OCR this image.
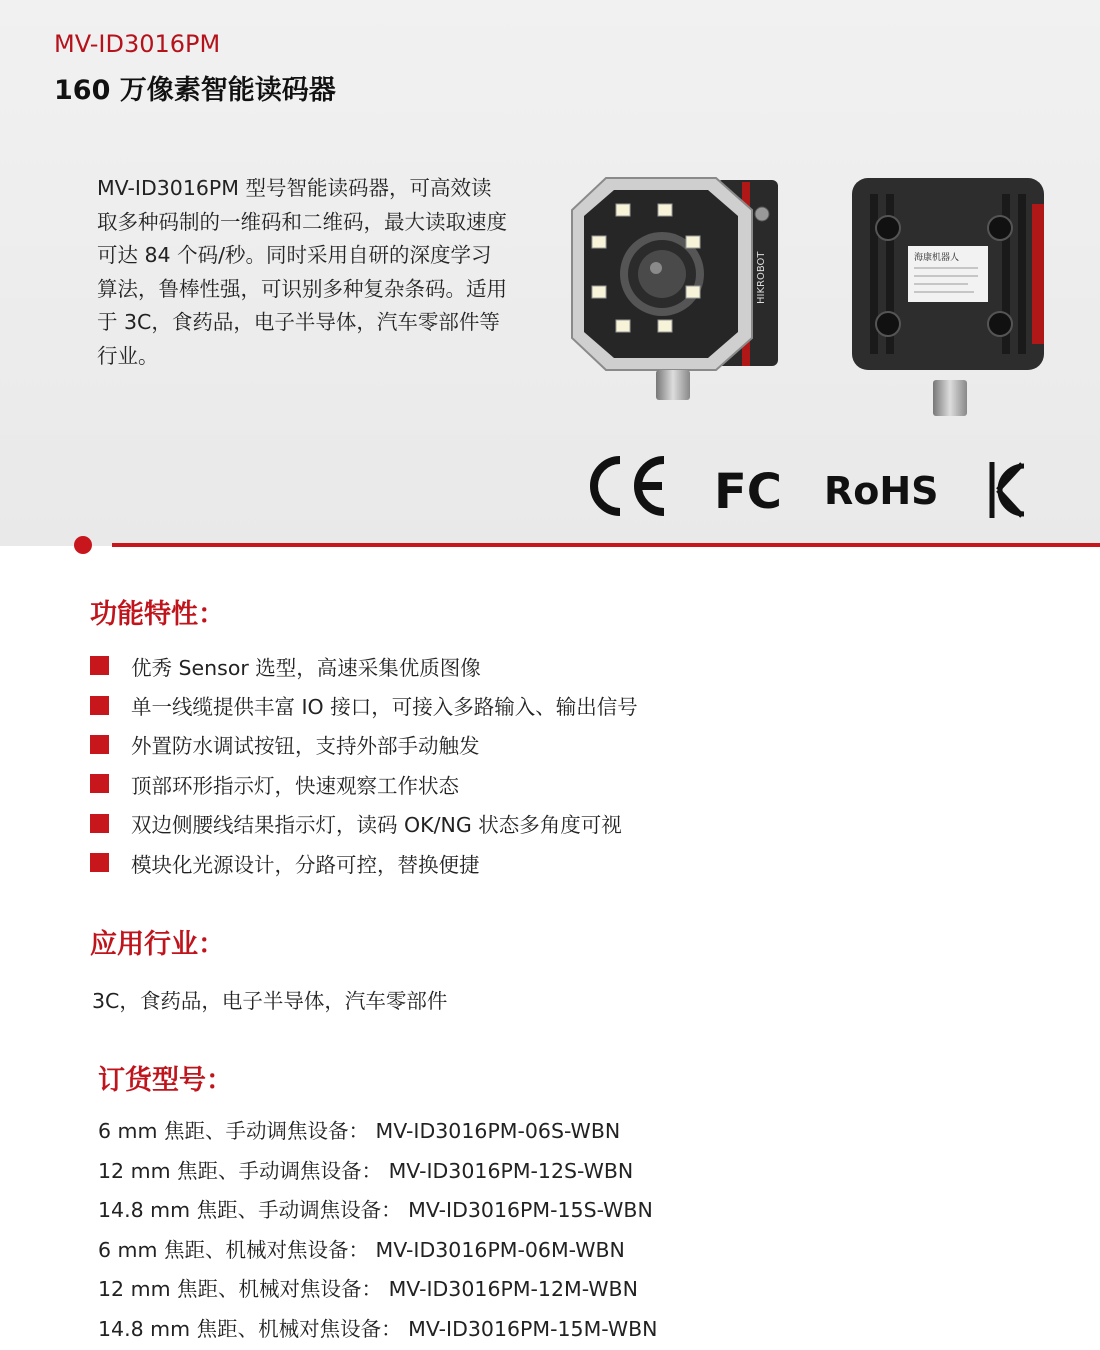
MV-ID3016PM
160 万像素智能读码器
MV-ID3016PM 型号智能读码器，可高效读取多种码制的一维码和二维码，最大读取速度可达 84 个码/秒。同时采用自研的深度学习算法，鲁棒性强，可识别多种复杂条码。适用于 3C，食药品，电子半导体，汽车零部件等行业。
HIKROBOT	海康机器人
FC RoHS
功能特性：
优秀 Sensor 选型，高速采集优质图像
单一线缆提供丰富 IO 接口，可接入多路输入、输出信号
外置防水调试按钮，支持外部手动触发
顶部环形指示灯，快速观察工作状态
双边侧腰线结果指示灯，读码 OK/NG 状态多角度可视
模块化光源设计，分路可控，替换便捷
应用行业：
3C，食药品，电子半导体，汽车零部件
订货型号：
6 mm 焦距、手动调焦设备： MV-ID3016PM-06S-WBN
12 mm 焦距、手动调焦设备： MV-ID3016PM-12S-WBN
14.8 mm 焦距、手动调焦设备： MV-ID3016PM-15S-WBN
6 mm 焦距、机械对焦设备： MV-ID3016PM-06M-WBN
12 mm 焦距、机械对焦设备： MV-ID3016PM-12M-WBN
14.8 mm 焦距、机械对焦设备： MV-ID3016PM-15M-WBN
